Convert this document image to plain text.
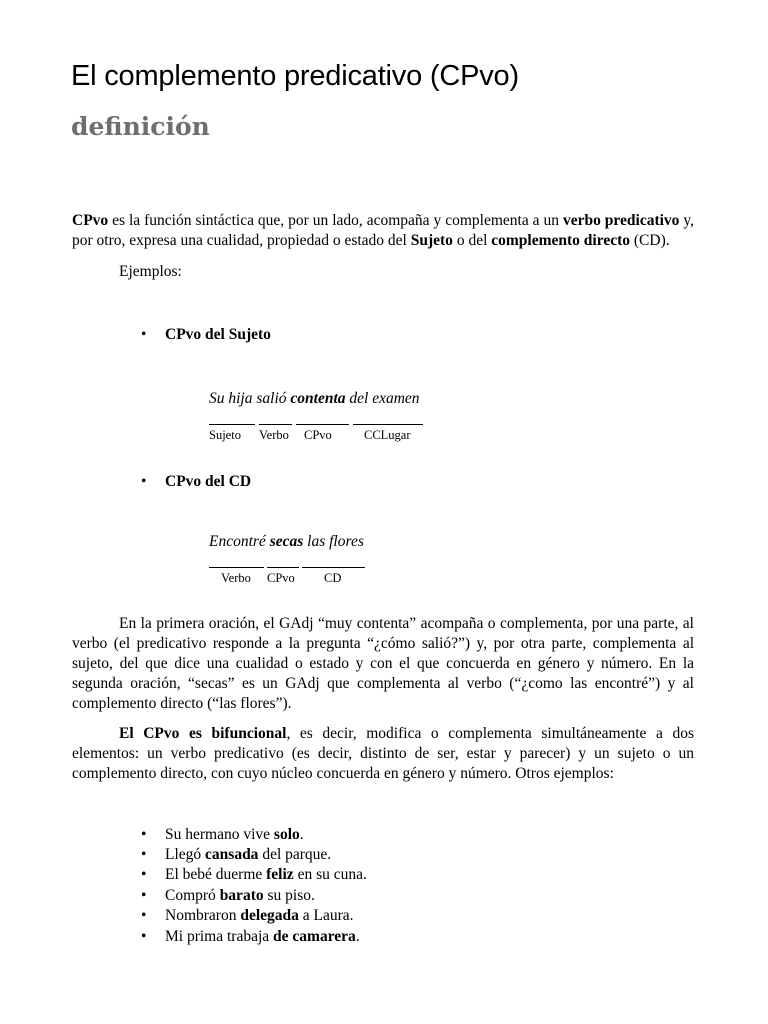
El complemento predicativo (CPvo)
definición

CPvo es la función sintáctica que, por un lado, acompaña y complementa a un verbo predicativo y, por otro, expresa una cualidad, propiedad o estado del Sujeto o del complemento directo (CD).

Ejemplos:

• CPvo del Sujeto

Su hija salió contenta del examen

Sujeto Verbo CPvo	CCLugar
• CPvo del CD

Encontré secas las flores

Verbo CPvo CD

En la primera oración, el GAdj “muy contenta” acompaña o complementa, por una parte, al verbo (el predicativo responde a la pregunta “¿cómo salió?”) y, por otra parte, complementa al sujeto, del que dice una cualidad o estado y con el que concuerda en género y número. En la segunda oración, “secas” es un GAdj que complementa al verbo (“¿como las encontré”) y al complemento directo (“las flores”).

El CPvo es bifuncional, es decir, modifica o complementa simultáneamente a dos elementos: un verbo predicativo (es decir, distinto de ser, estar y parecer) y un sujeto o un complemento directo, con cuyo núcleo concuerda en género y número. Otros ejemplos:

• Su hermano vive solo.
• Llegó cansada del parque.
• El bebé duerme feliz en su cuna.
• Compró barato su piso.
• Nombraron delegada a Laura.
• Mi prima trabaja de camarera.
